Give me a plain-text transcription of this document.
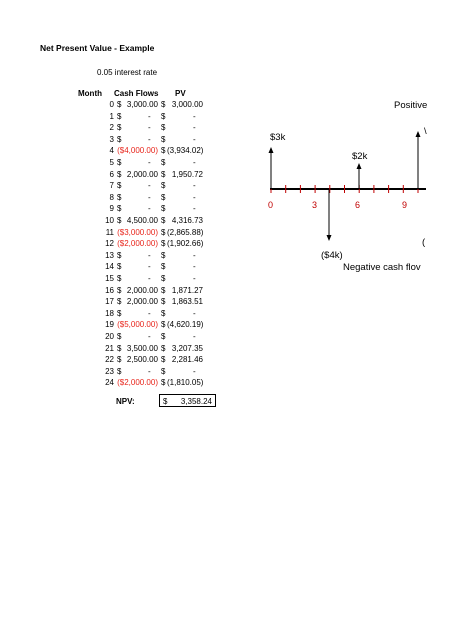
Net Present Value - Example
0.05 interest rate
Month Cash Flows PV
0 $ 3,000.00 $ 3,000.00
1 $	- $	-
2 $	- $	-
3 $	- $	-
4 ($4,000.00) $ (3,934.02)
5 $	- $	-
6 $ 2,000.00 $ 1,950.72
7 $	- $	-
8 $	- $	-
9 $	- $	-
10 $ 4,500.00 $ 4,316.73
11 ($3,000.00) $ (2,865.88)
12 ($2,000.00) $ (1,902.66)
13 $	- $	-
14 $	- $	-
15 $	- $	-
16 $ 2,000.00 $ 1,871.27
17 $ 2,000.00 $ 1,863.51
18 $	- $	-
19 ($5,000.00) $ (4,620.19)
20 $	- $	-
21 $ 3,500.00 $ 3,207.35
22 $ 2,500.00 $ 2,281.46
23 $	- $	-
24 ($2,000.00) $ (1,810.05)
NPV:	$ 3,358.24
Positive
$3k
$2k
($4k)
Negative cash flov
\
(
0	3	6	9
